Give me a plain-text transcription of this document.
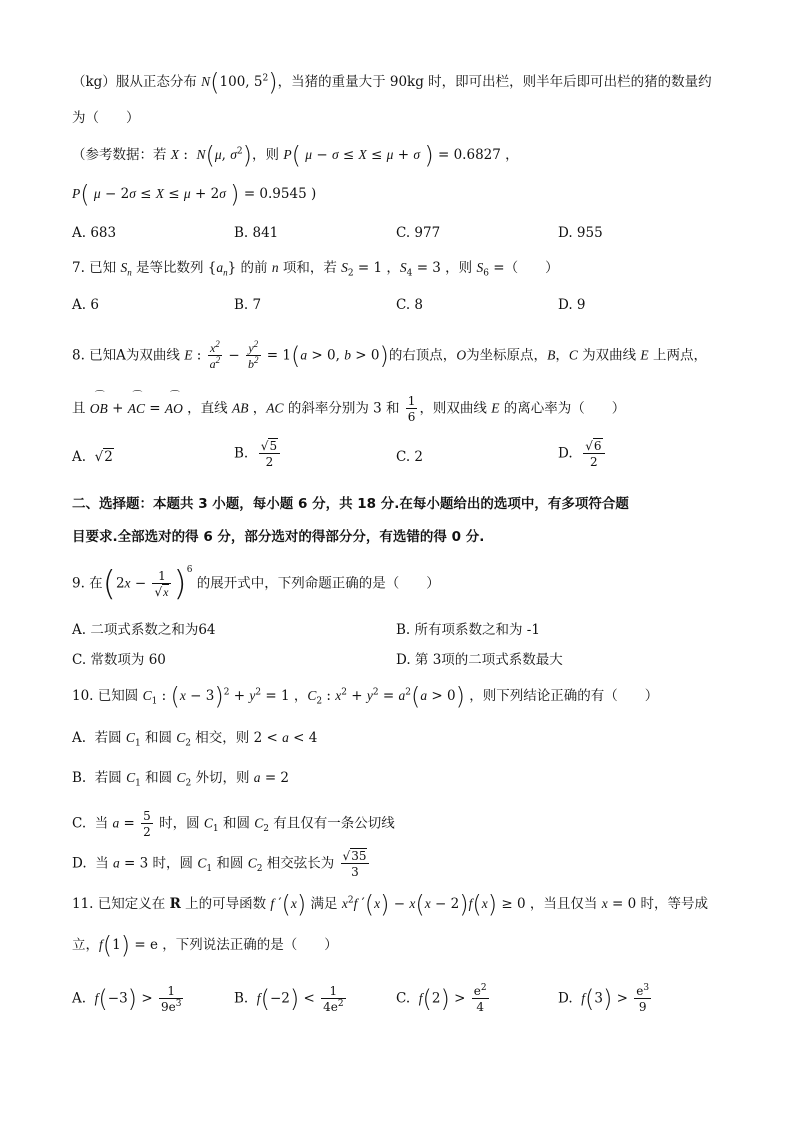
（kg）服从正态分布 N(100, $5^2$)，当猪的重量大于 90kg 时，即可出栏，则半年后即可出栏的猪的数量约
为（　　）
（参考数据：若 X :  N(μ, $\sigma^2$)，则 P( μ − σ ≤ X ≤ μ + σ ) = 0.6827 ，
P( μ − 2σ ≤ X ≤ μ + 2σ ) = 0.9545 )
A. 683	B. 841	C. 977	D. 955
7. 已知 $S_n$ 是等比数列 $\{a_n\}$ 的前 n 项和，若 $S_2 = 1$ ，$S_4 = 3$ ，则 $S_6$ =（　　）
A. 6	B. 7	C. 8	D. 9
8. 已知A为双曲线 E : $\frac{x^2}{a^2} - \frac{y^2}{b^2} = 1(a > 0$, b > 0)的右顶点，O为坐标原点，B，C 为双曲线 E 上两点，
且 ⌒ OB + ⌒ AC = ⌒ AO ，直线 AB ，AC 的斜率分别为 3 和 $\frac{1}{6}$ ，则双曲线 E 的离心率为（　　）
A.  √2	B. $\frac{√5}{2}$	C. 2	D. $\frac{√6}{2}$
二、选择题：本题共 3 小题，每小题 6 分，共 18 分.在每小题给出的选项中，有多项符合题
目要求.全部选对的得 6 分，部分选对的得部分分，有选错的得 0 分.
9. 在$(2x - \frac{1}{√x} )^6$ 的展开式中，下列命题正确的是（　　）
A. 二项式系数之和为64	B. 所有项系数之和为 -1
C. 常数项为 60	D. 第 3项的二项式系数最大
10. 已知圆 $C_1$ : $(x - 3)^2 + y^2 = 1$ ，$C_2$ : $x^2 + y^2 = a^2(a > 0)$ ，则下列结论正确的有（　　）
A.  若圆 $C_1$ 和圆 $C_2$ 相交，则 2 < a < 4
B.  若圆 $C_1$ 和圆 $C_2$ 外切，则 a = 2
C.  当 $a = \frac{5}{2}$ 时，圆 $C_1$ 和圆 $C_2$ 有且仅有一条公切线
D.  当 a = 3 时，圆 $C_1$ 和圆 $C_2$ 相交弦长为 $\frac{√35}{3}$
11. 已知定义在 R 上的可导函数 f ′(x) 满足 $x^2f$ ′(x) − x(x − 2)f(x) ≥ 0 ，当且仅当 x = 0 时，等号成
立，f(1) = e ，下列说法正确的是（　　）
A.  $f(-3) > \frac{1}{9e^3}$	B.  $f(-2) < \frac{1}{4e^2}$	C.  $f(2) > \frac{e^2}{4}$	D.  $f(3) > \frac{e^3}{9}$
